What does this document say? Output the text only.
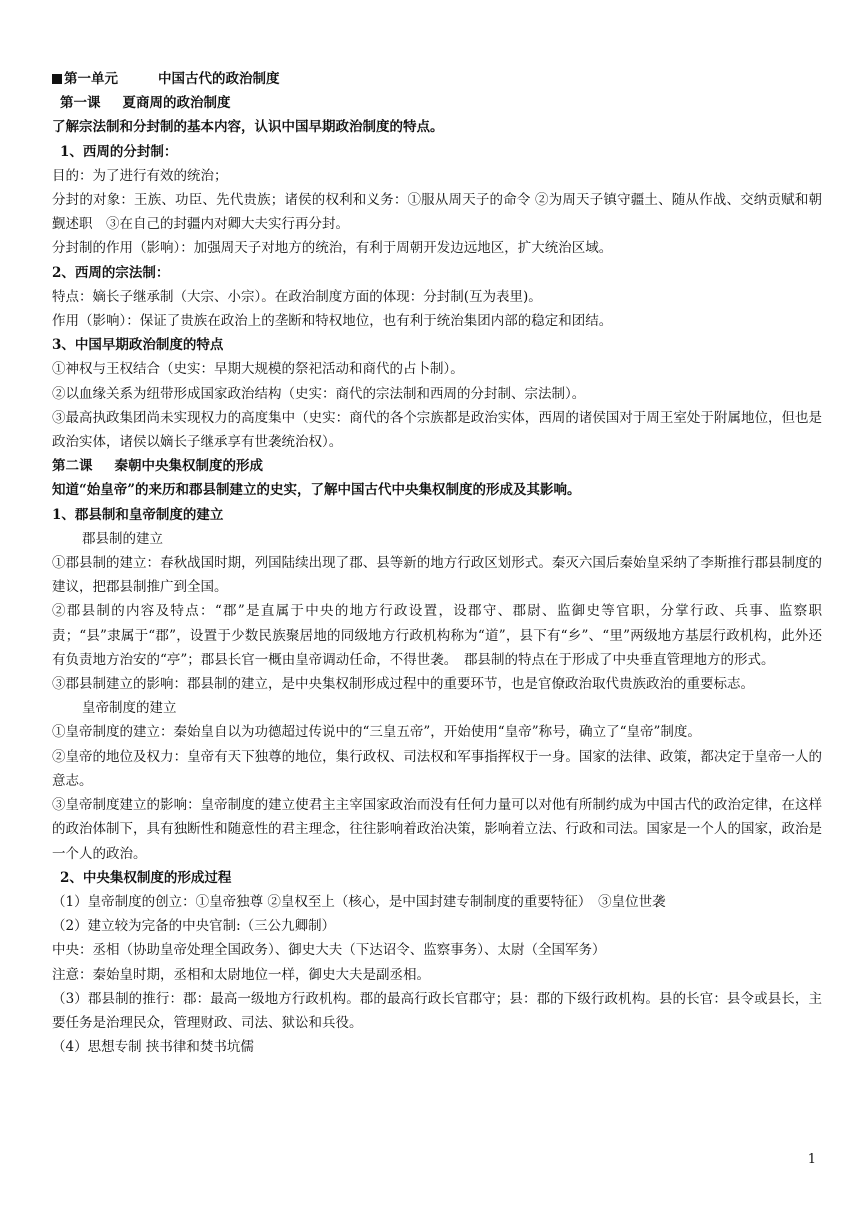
第一单元	中国古代的政治制度
第一课 夏商周的政治制度
了解宗法制和分封制的基本内容，认识中国早期政治制度的特点。
1、西周的分封制：
目的：为了进行有效的统治；
分封的对象：王族、功臣、先代贵族；诸侯的权利和义务：①服从周天子的命令 ②为周天子镇守疆土、随从作战、交纳贡赋和朝觐述职　③在自己的封疆内对卿大夫实行再分封。
分封制的作用（影响）：加强周天子对地方的统治，有利于周朝开发边远地区，扩大统治区域。
2、西周的宗法制：
特点：嫡长子继承制（大宗、小宗）。在政治制度方面的体现：分封制(互为表里)。
作用（影响）：保证了贵族在政治上的垄断和特权地位，也有利于统治集团内部的稳定和团结。
3、中国早期政治制度的特点
①神权与王权结合（史实：早期大规模的祭祀活动和商代的占卜制）。
②以血缘关系为纽带形成国家政治结构（史实：商代的宗法制和西周的分封制、宗法制）。
③最高执政集团尚未实现权力的高度集中（史实：商代的各个宗族都是政治实体，西周的诸侯国对于周王室处于附属地位，但也是政治实体，诸侯以嫡长子继承享有世袭统治权）。
第二课 秦朝中央集权制度的形成
知道“始皇帝”的来历和郡县制建立的史实，了解中国古代中央集权制度的形成及其影响。
1、郡县制和皇帝制度的建立
郡县制的建立
①郡县制的建立：春秋战国时期，列国陆续出现了郡、县等新的地方行政区划形式。秦灭六国后秦始皇采纳了李斯推行郡县制度的建议，把郡县制推广到全国。
②郡县制的内容及特点：“郡”是直属于中央的地方行政设置，设郡守、郡尉、监御史等官职，分掌行政、兵事、监察职责；“县”隶属于“郡”，设置于少数民族聚居地的同级地方行政机构称为“道”，县下有“乡”、“里”两级地方基层行政机构，此外还有负责地方治安的“亭”；郡县长官一概由皇帝调动任命，不得世袭。　郡县制的特点在于形成了中央垂直管理地方的形式。
③郡县制建立的影响：郡县制的建立，是中央集权制形成过程中的重要环节，也是官僚政治取代贵族政治的重要标志。
皇帝制度的建立
①皇帝制度的建立：秦始皇自以为功德超过传说中的“三皇五帝”，开始使用“皇帝”称号，确立了“皇帝”制度。
②皇帝的地位及权力：皇帝有天下独尊的地位，集行政权、司法权和军事指挥权于一身。国家的法律、政策，都决定于皇帝一人的意志。
③皇帝制度建立的影响：皇帝制度的建立使君主主宰国家政治而没有任何力量可以对他有所制约成为中国古代的政治定律，在这样的政治体制下，具有独断性和随意性的君主理念，往往影响着政治决策，影响着立法、行政和司法。国家是一个人的国家，政治是一个人的政治。
2、中央集权制度的形成过程
（1）皇帝制度的创立：①皇帝独尊 ②皇权至上（核心，是中国封建专制制度的重要特征）　③皇位世袭
（2）建立较为完备的中央官制:（三公九卿制）
中央：丞相（协助皇帝处理全国政务）、御史大夫（下达诏令、监察事务）、太尉（全国军务）
注意：秦始皇时期，丞相和太尉地位一样，御史大夫是副丞相。
（3）郡县制的推行：郡：最高一级地方行政机构。郡的最高行政长官郡守；县：郡的下级行政机构。县的长官：县令或县长，主要任务是治理民众，管理财政、司法、狱讼和兵役。
（4）思想专制 挟书律和焚书坑儒
1
